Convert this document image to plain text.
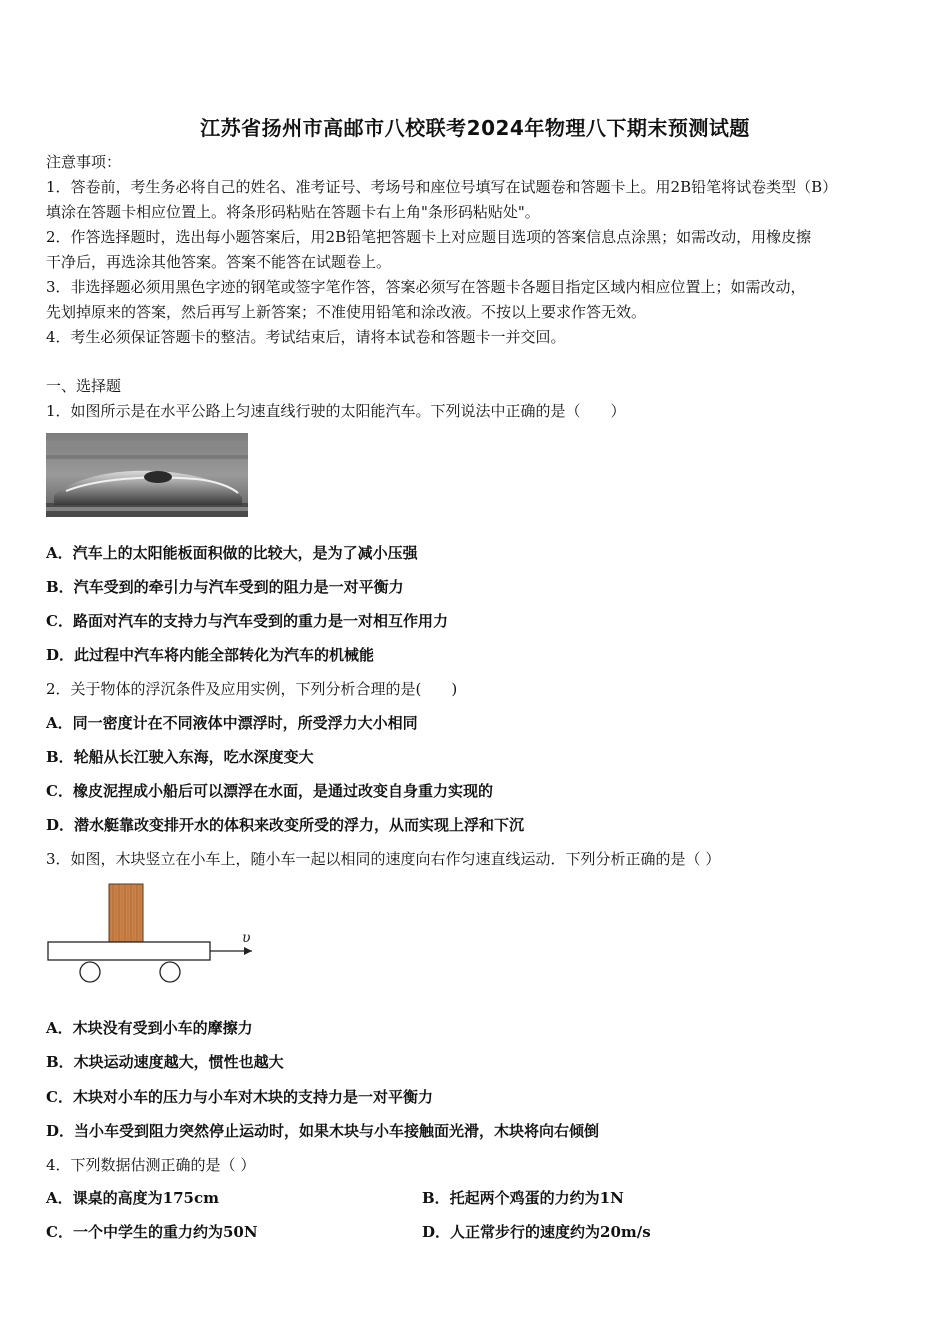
江苏省扬州市高邮市八校联考2024年物理八下期末预测试题
注意事项：
1．答卷前，考生务必将自己的姓名、准考证号、考场号和座位号填写在试题卷和答题卡上。用2B铅笔将试卷类型（B）
填涂在答题卡相应位置上。将条形码粘贴在答题卡右上角"条形码粘贴处"。
2．作答选择题时，选出每小题答案后，用2B铅笔把答题卡上对应题目选项的答案信息点涂黑；如需改动，用橡皮擦
干净后，再选涂其他答案。答案不能答在试题卷上。
3．非选择题必须用黑色字迹的钢笔或签字笔作答，答案必须写在答题卡各题目指定区域内相应位置上；如需改动，
先划掉原来的答案，然后再写上新答案；不准使用铅笔和涂改液。不按以上要求作答无效。
4．考生必须保证答题卡的整洁。考试结束后，请将本试卷和答题卡一并交回。
一、选择题
1．如图所示是在水平公路上匀速直线行驶的太阳能汽车。下列说法中正确的是（　　）
A．汽车上的太阳能板面积做的比较大，是为了减小压强
B．汽车受到的牵引力与汽车受到的阻力是一对平衡力
C．路面对汽车的支持力与汽车受到的重力是一对相互作用力
D．此过程中汽车将内能全部转化为汽车的机械能
2．关于物体的浮沉条件及应用实例，下列分析合理的是(　　)
A．同一密度计在不同液体中漂浮时，所受浮力大小相同
B．轮船从长江驶入东海，吃水深度变大
C．橡皮泥捏成小船后可以漂浮在水面，是通过改变自身重力实现的
D．潜水艇靠改变排开水的体积来改变所受的浮力，从而实现上浮和下沉
3．如图，木块竖立在小车上，随小车一起以相同的速度向右作匀速直线运动．下列分析正确的是（ ）
υ
A．木块没有受到小车的摩擦力
B．木块运动速度越大，惯性也越大
C．木块对小车的压力与小车对木块的支持力是一对平衡力
D．当小车受到阻力突然停止运动时，如果木块与小车接触面光滑，木块将向右倾倒
4．下列数据估测正确的是（ ）
A．课桌的高度为175cm	B．托起两个鸡蛋的力约为1N
C．一个中学生的重力约为50N	D．人正常步行的速度约为20m/s
